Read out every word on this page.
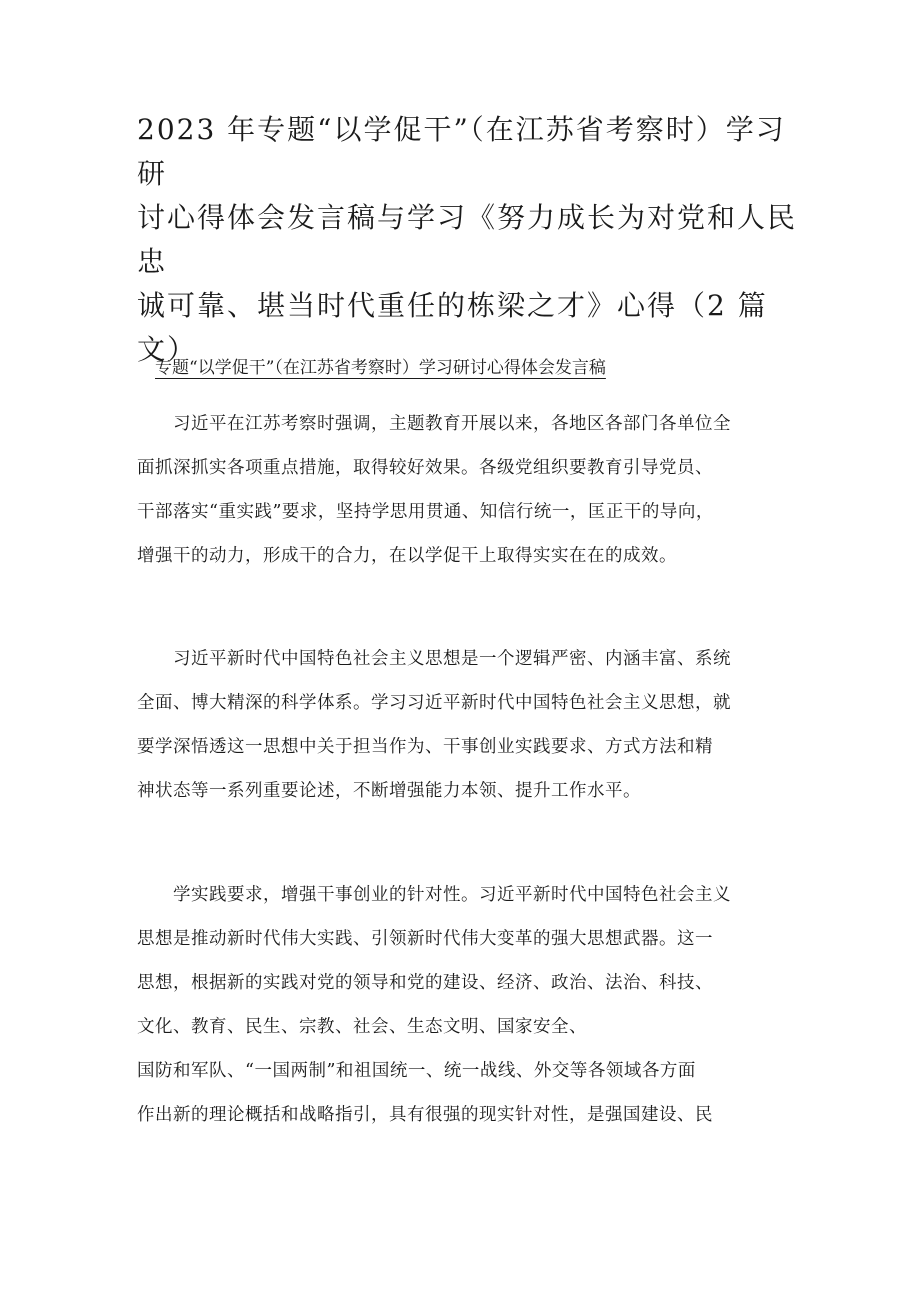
2023 年专题“以学促干”（在江苏省考察时）学习研
讨心得体会发言稿与学习《努力成长为对党和人民忠
诚可靠、堪当时代重任的栋梁之才》心得（2 篇文）
专题“以学促干”（在江苏省考察时）学习研讨心得体会发言稿
习近平在江苏考察时强调，主题教育开展以来，各地区各部门各单位全
面抓深抓实各项重点措施，取得较好效果。各级党组织要教育引导党员、
干部落实“重实践”要求，坚持学思用贯通、知信行统一，匡正干的导向，
增强干的动力，形成干的合力，在以学促干上取得实实在在的成效。
习近平新时代中国特色社会主义思想是一个逻辑严密、内涵丰富、系统
全面、博大精深的科学体系。学习习近平新时代中国特色社会主义思想，就
要学深悟透这一思想中关于担当作为、干事创业实践要求、方式方法和精
神状态等一系列重要论述，不断增强能力本领、提升工作水平。
学实践要求，增强干事创业的针对性。习近平新时代中国特色社会主义
思想是推动新时代伟大实践、引领新时代伟大变革的强大思想武器。这一
思想，根据新的实践对党的领导和党的建设、经济、政治、法治、科技、
文化、教育、民生、宗教、社会、生态文明、国家安全、
国防和军队、“一国两制”和祖国统一、统一战线、外交等各领域各方面
作出新的理论概括和战略指引，具有很强的现实针对性，是强国建设、民
